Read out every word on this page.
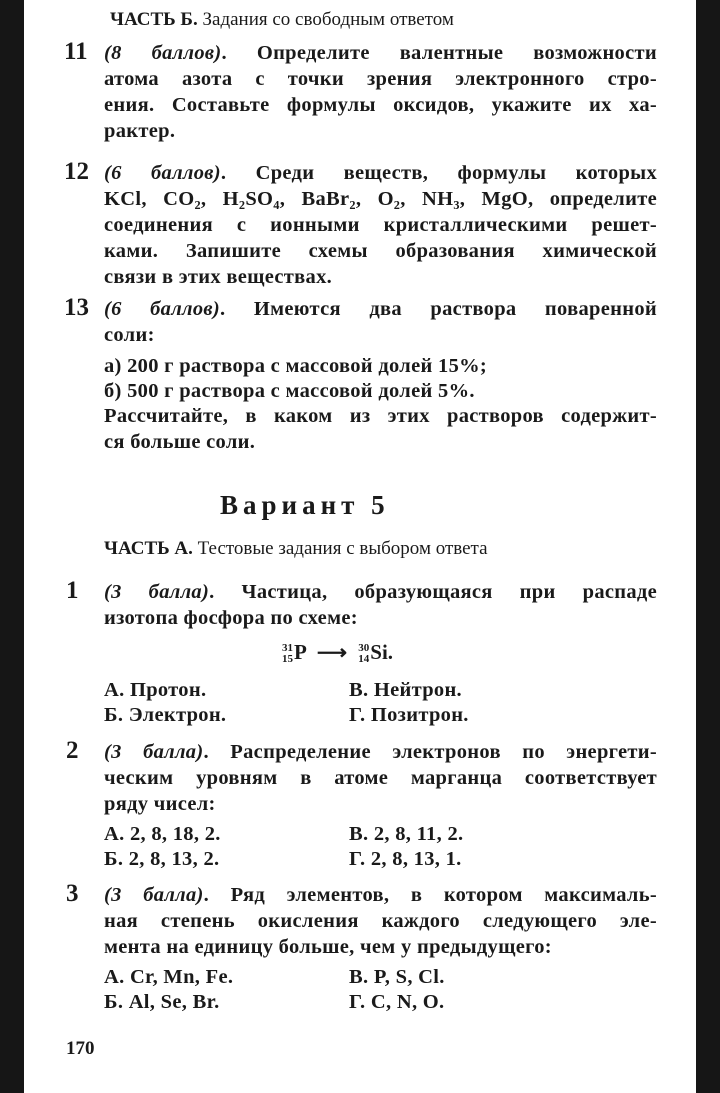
ЧАСТЬ Б. Задания со свободным ответом
11 (8 баллов). Определите валентные возможности
атома азота с точки зрения электронного стро-
ения. Составьте формулы оксидов, укажите их ха-
рактер.
12 (6 баллов). Среди веществ, формулы которых
KCl, CO₂, H₂SO₄, BaBr₂, O₂, NH₃, MgO, определите
соединения с ионными кристаллическими решет-
ками. Запишите схемы образования химической
связи в этих веществах.
13 (6 баллов). Имеются два раствора поваренной
соли:
а) 200 г раствора с массовой долей 15%;
б) 500 г раствора с массовой долей 5%.
Рассчитайте, в каком из этих растворов содержит-
ся больше соли.
Вариант 5
ЧАСТЬ А. Тестовые задания с выбором ответа
1 (3 балла). Частица, образующаяся при распаде
изотопа фосфора по схеме:
31
15 P ⟶ 30
14 Si.
А. Протон.
Б. Электрон.
В. Нейтрон.
Г. Позитрон.
2 (3 балла). Распределение электронов по энергети-
ческим уровням в атоме марганца соответствует
ряду чисел:
А. 2, 8, 18, 2.
Б. 2, 8, 13, 2.
В. 2, 8, 11, 2.
Г. 2, 8, 13, 1.
3 (3 балла). Ряд элементов, в котором максималь-
ная степень окисления каждого следующего эле-
мента на единицу больше, чем у предыдущего:
А. Cr, Mn, Fe.
Б. Al, Se, Br.
В. P, S, Cl.
Г. C, N, O.
170
